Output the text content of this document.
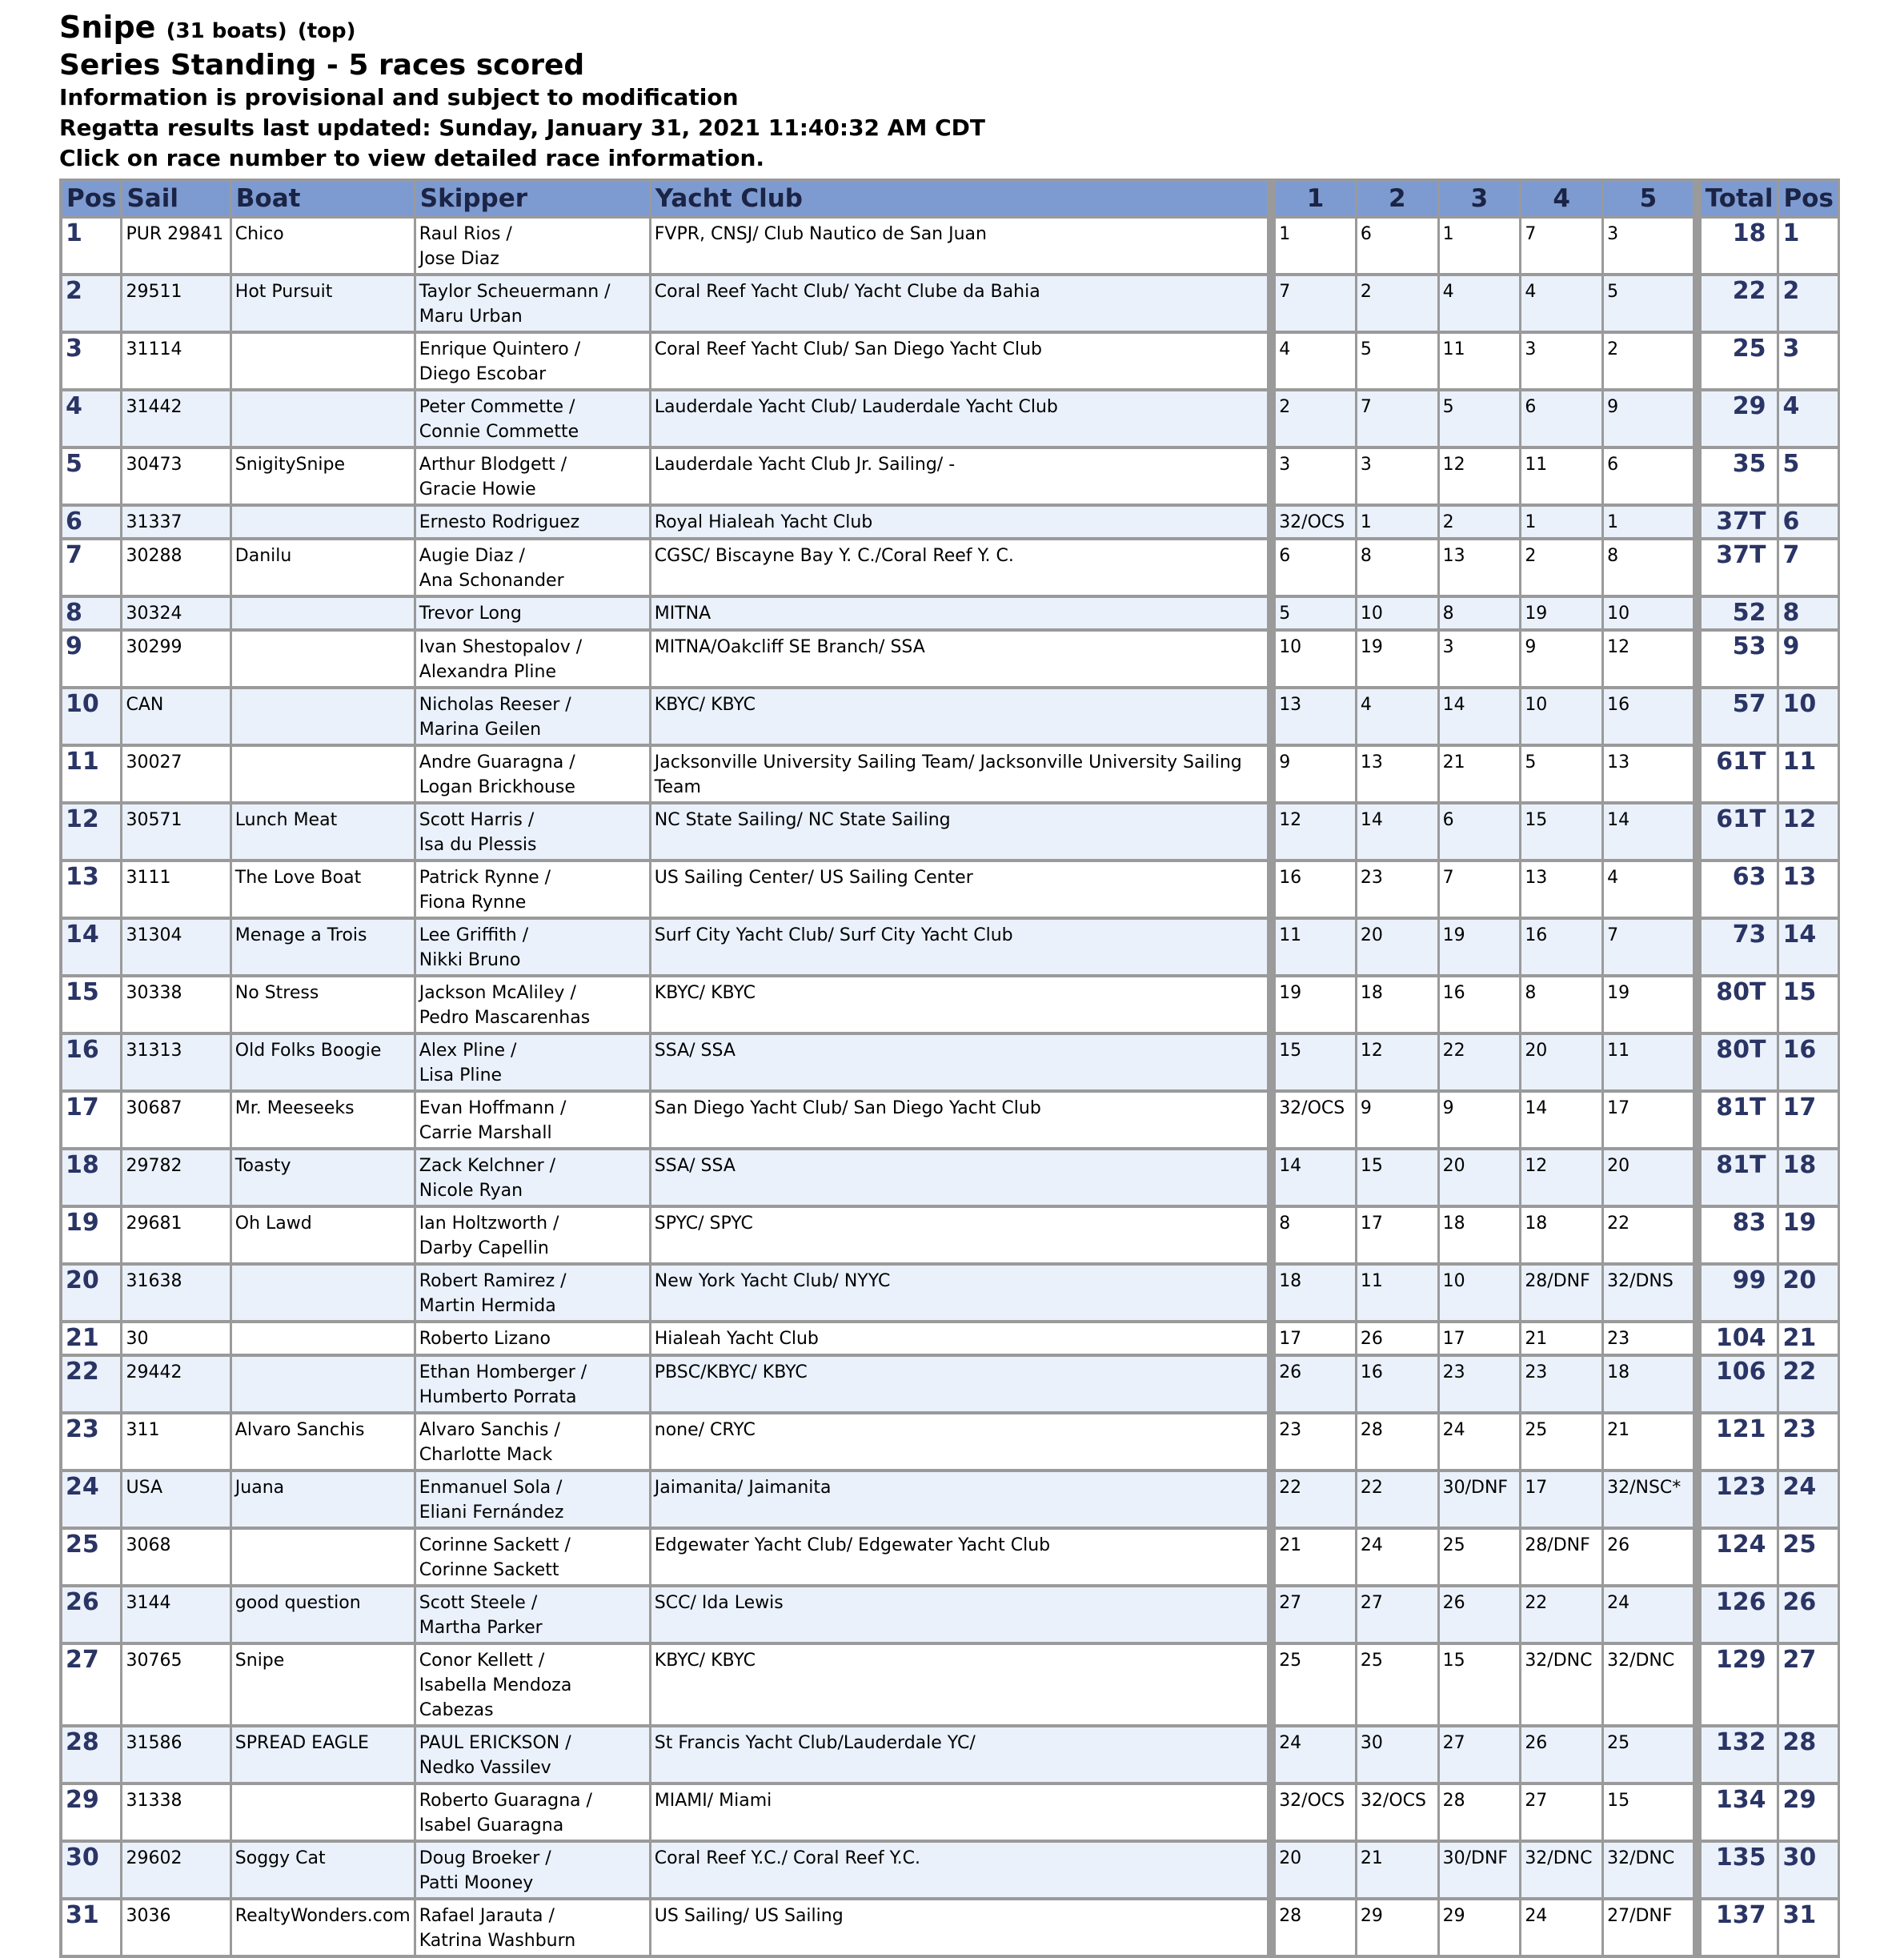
Snipe (31 boats) (top)
Series Standing - 5 races scored
Information is provisional and subject to modification
Regatta results last updated: Sunday, January 31, 2021 11:40:32 AM CDT
Click on race number to view detailed race information.
Pos	Sail	Boat	Skipper	Yacht Club	1	2	3	4	5	Total	Pos
1	PUR 29841	Chico	Raul Rios /
Jose Diaz	FVPR, CNSJ/ Club Nautico de San Juan	1	6	1	7	3	18	1
2	29511	Hot Pursuit	Taylor Scheuermann /
Maru Urban	Coral Reef Yacht Club/ Yacht Clube da Bahia	7	2	4	4	5	22	2
3	31114		Enrique Quintero /
Diego Escobar	Coral Reef Yacht Club/ San Diego Yacht Club	4	5	11	3	2	25	3
4	31442		Peter Commette /
Connie Commette	Lauderdale Yacht Club/ Lauderdale Yacht Club	2	7	5	6	9	29	4
5	30473	SnigitySnipe	Arthur Blodgett /
Gracie Howie	Lauderdale Yacht Club Jr. Sailing/ -	3	3	12	11	6	35	5
6	31337		Ernesto Rodriguez	Royal Hialeah Yacht Club	32/OCS	1	2	1	1	37T	6
7	30288	Danilu	Augie Diaz /
Ana Schonander	CGSC/ Biscayne Bay Y. C./Coral Reef Y. C.	6	8	13	2	8	37T	7
8	30324		Trevor Long	MITNA	5	10	8	19	10	52	8
9	30299		Ivan Shestopalov /
Alexandra Pline	MITNA/Oakcliff SE Branch/ SSA	10	19	3	9	12	53	9
10	CAN		Nicholas Reeser /
Marina Geilen	KBYC/ KBYC	13	4	14	10	16	57	10
11	30027		Andre Guaragna /
Logan Brickhouse	Jacksonville University Sailing Team/ Jacksonville University Sailing Team	9	13	21	5	13	61T	11
12	30571	Lunch Meat	Scott Harris /
Isa du Plessis	NC State Sailing/ NC State Sailing	12	14	6	15	14	61T	12
13	3111	The Love Boat	Patrick Rynne /
Fiona Rynne	US Sailing Center/ US Sailing Center	16	23	7	13	4	63	13
14	31304	Menage a Trois	Lee Griffith /
Nikki Bruno	Surf City Yacht Club/ Surf City Yacht Club	11	20	19	16	7	73	14
15	30338	No Stress	Jackson McAliley /
Pedro Mascarenhas	KBYC/ KBYC	19	18	16	8	19	80T	15
16	31313	Old Folks Boogie	Alex Pline /
Lisa Pline	SSA/ SSA	15	12	22	20	11	80T	16
17	30687	Mr. Meeseeks	Evan Hoffmann /
Carrie Marshall	San Diego Yacht Club/ San Diego Yacht Club	32/OCS	9	9	14	17	81T	17
18	29782	Toasty	Zack Kelchner /
Nicole Ryan	SSA/ SSA	14	15	20	12	20	81T	18
19	29681	Oh Lawd	Ian Holtzworth /
Darby Capellin	SPYC/ SPYC	8	17	18	18	22	83	19
20	31638		Robert Ramirez /
Martin Hermida	New York Yacht Club/ NYYC	18	11	10	28/DNF	32/DNS	99	20
21	30		Roberto Lizano	Hialeah Yacht Club	17	26	17	21	23	104	21
22	29442		Ethan Homberger /
Humberto Porrata	PBSC/KBYC/ KBYC	26	16	23	23	18	106	22
23	311	Alvaro Sanchis	Alvaro Sanchis /
Charlotte Mack	none/ CRYC	23	28	24	25	21	121	23
24	USA	Juana	Enmanuel Sola /
Eliani Fernández	Jaimanita/ Jaimanita	22	22	30/DNF	17	32/NSC*	123	24
25	3068		Corinne Sackett /
Corinne Sackett	Edgewater Yacht Club/ Edgewater Yacht Club	21	24	25	28/DNF	26	124	25
26	3144	good question	Scott Steele /
Martha Parker	SCC/ Ida Lewis	27	27	26	22	24	126	26
27	30765	Snipe	Conor Kellett /
Isabella Mendoza Cabezas	KBYC/ KBYC	25	25	15	32/DNC	32/DNC	129	27
28	31586	SPREAD EAGLE	PAUL ERICKSON /
Nedko Vassilev	St Francis Yacht Club/Lauderdale YC/	24	30	27	26	25	132	28
29	31338		Roberto Guaragna /
Isabel Guaragna	MIAMI/ Miami	32/OCS	32/OCS	28	27	15	134	29
30	29602	Soggy Cat	Doug Broeker /
Patti Mooney	Coral Reef Y.C./ Coral Reef Y.C.	20	21	30/DNF	32/DNC	32/DNC	135	30
31	3036	RealtyWonders.com	Rafael Jarauta /
Katrina Washburn	US Sailing/ US Sailing	28	29	29	24	27/DNF	137	31
